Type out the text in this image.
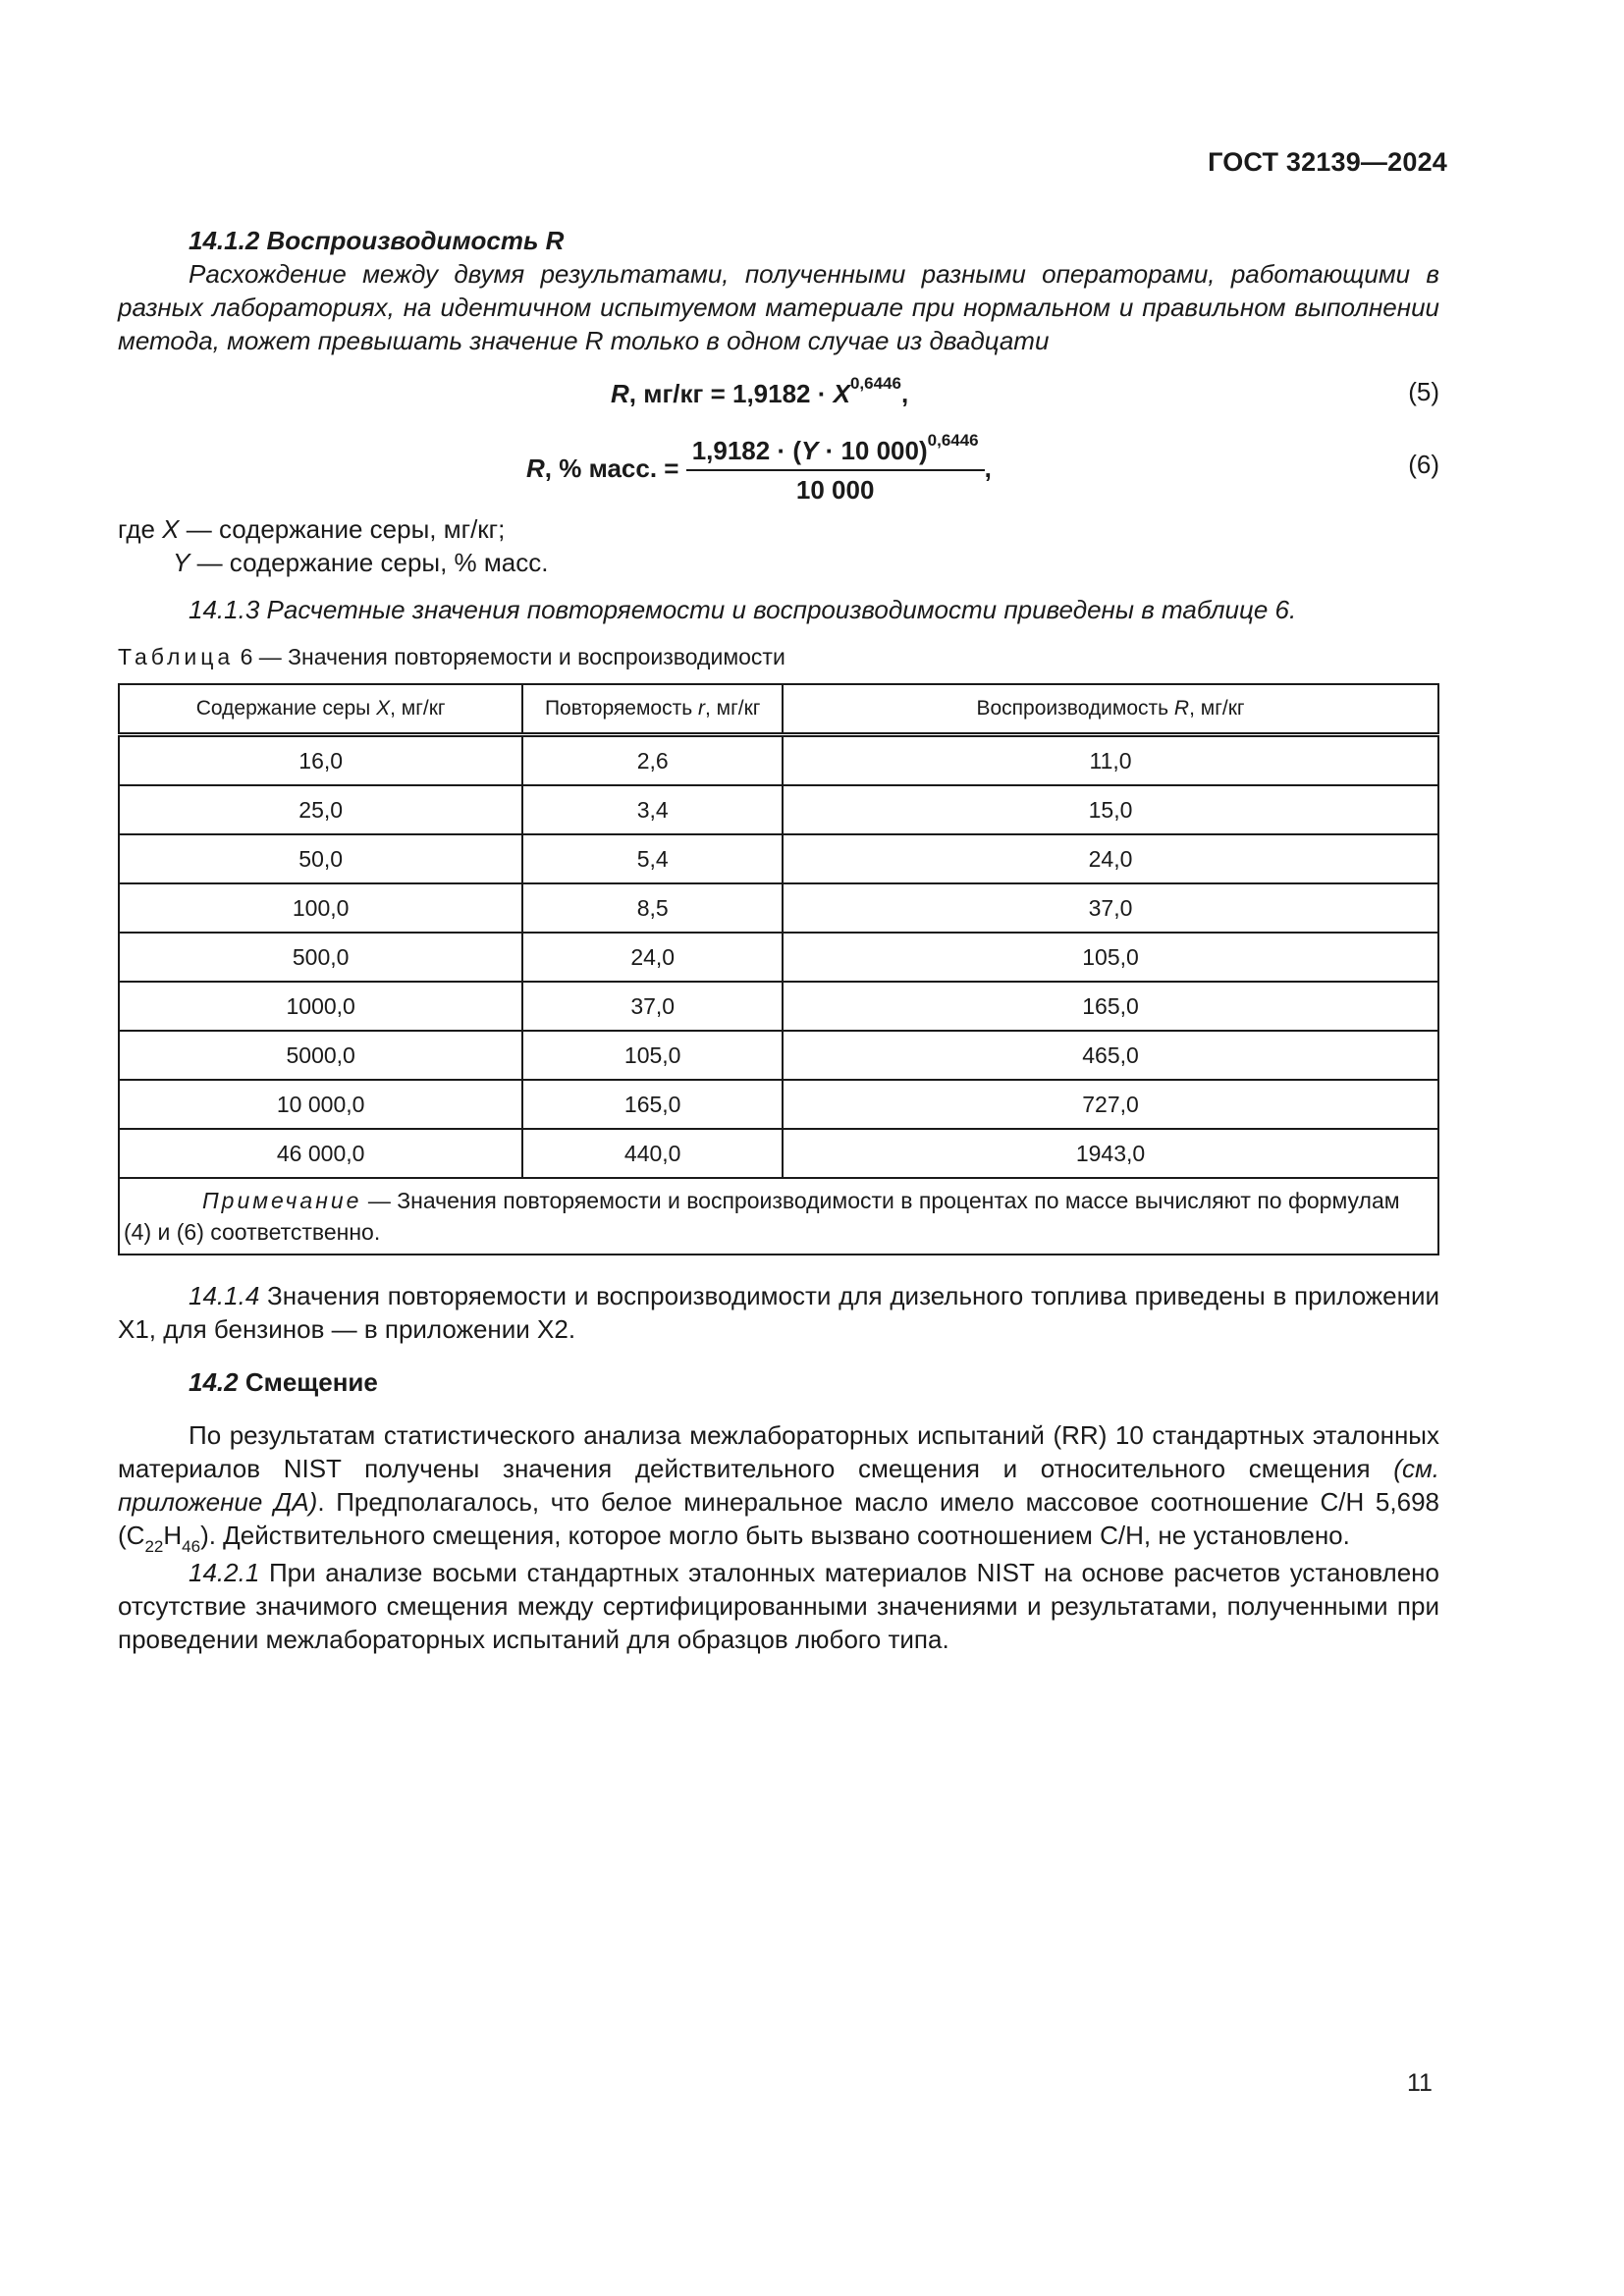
ГОСТ 32139—2024

14.1.2 Воспроизводимость R

Расхождение между двумя результатами, полученными разными операторами, работающими в разных лабораториях, на идентичном испытуемом материале при нормальном и правильном выполнении метода, может превышать значение R только в одном случае из двадцати

R, $мг/кг = 1,9182 \cdot X^{0,6446}$,	(5)
R, % масс. = $\frac{1,9182 \cdot (Y \cdot 10 000)^{0,6446}}{10 000}$ ,	(6)

где X — содержание серы, мг/кг;

Y — содержание серы, % масс.

14.1.3 Расчетные значения повторяемости и воспроизводимости приведены в таблице 6.

Таблица 6 — Значения повторяемости и воспроизводимости
Содержание серы X, мг/кг	Повторяемость r, мг/кг	Воспроизводимость R, мг/кг
16,0	2,6	11,0
25,0	3,4	15,0
50,0	5,4	24,0
100,0	8,5	37,0
500,0	24,0	105,0
1000,0	37,0	165,0
5000,0	105,0	465,0
10 000,0	165,0	727,0
46 000,0	440,0	1943,0
Примечание — Значения повторяемости и воспроизводимости в процентах по массе вычисляют по формулам (4) и (6) соответственно.		

14.1.4 Значения повторяемости и воспроизводимости для дизельного топлива приведены в приложении Х1, для бензинов — в приложении Х2.

14.2 Смещение

По результатам статистического анализа межлабораторных испытаний (RR) 10 стандартных эталонных материалов NIST получены значения действительного смещения и относительного смещения (см. приложение ДА). Предполагалось, что белое минеральное масло имело массовое соотношение С/Н 5,698 $(С_{22}Н_{46})$. Действительного смещения, которое могло быть вызвано соотношением С/Н, не установлено.

14.2.1 При анализе восьми стандартных эталонных материалов NIST на основе расчетов установлено отсутствие значимого смещения между сертифицированными значениями и результатами, полученными при проведении межлабораторных испытаний для образцов любого типа.

11
